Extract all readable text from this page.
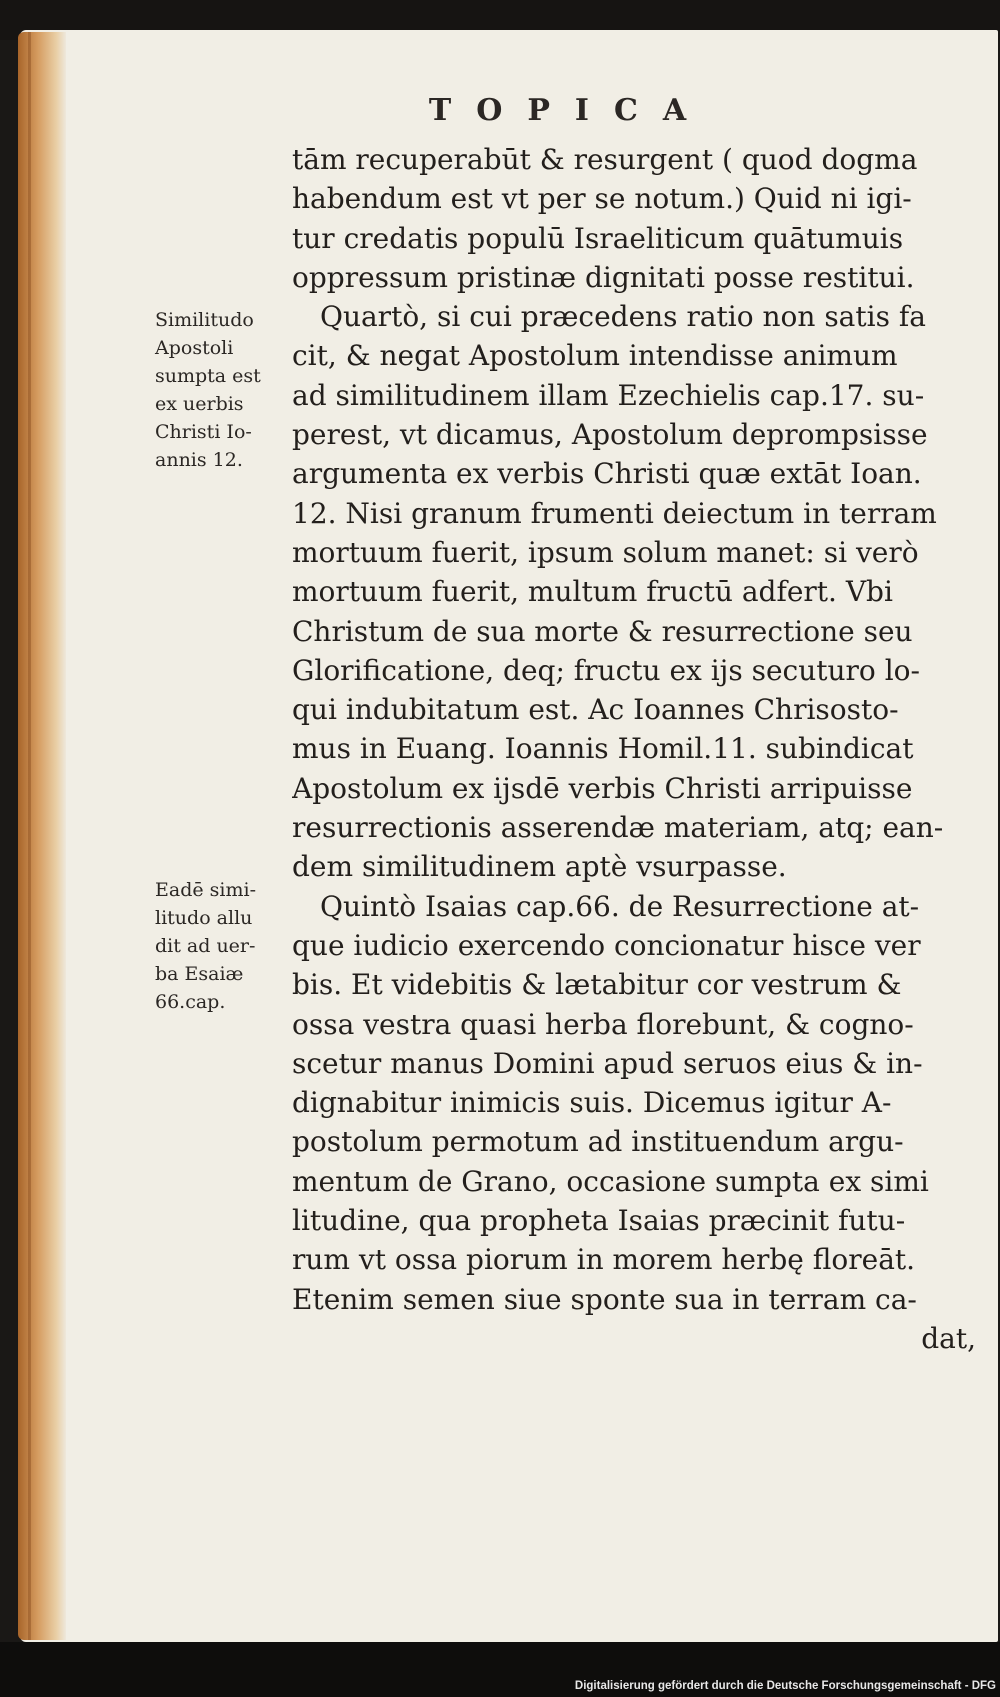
TOPICA
tām recuperabūt & resurgent ( quod dogma
habendum est vt per se notum.) Quid ni igi-
tur credatis populū Israeliticum quātumuis
oppressum pristinæ dignitati posse restitui.
Quartò, si cui præcedens ratio non satis fa
cit, & negat Apostolum intendisse animum
ad similitudinem illam Ezechielis cap.17. su-
perest, vt dicamus, Apostolum deprompsisse
argumenta ex verbis Christi quæ extāt Ioan.
12. Nisi granum frumenti deiectum in terram
mortuum fuerit, ipsum solum manet: si verò
mortuum fuerit, multum fructū adfert. Vbi
Christum de sua morte & resurrectione seu
Glorificatione, deq; fructu ex ijs secuturo lo-
qui indubitatum est. Ac Ioannes Chrisosto-
mus in Euang. Ioannis Homil.11. subindicat
Apostolum ex ijsdē verbis Christi arripuisse
resurrectionis asserendæ materiam, atq; ean-
dem similitudinem aptè vsurpasse.
Quintò Isaias cap.66. de Resurrectione at-
que iudicio exercendo concionatur hisce ver
bis. Et videbitis & lætabitur cor vestrum &
ossa vestra quasi herba florebunt, & cogno-
scetur manus Domini apud seruos eius & in-
dignabitur inimicis suis. Dicemus igitur A-
postolum permotum ad instituendum argu-
mentum de Grano, occasione sumpta ex simi
litudine, qua propheta Isaias præcinit futu-
rum vt ossa piorum in morem herbę floreāt.
Etenim semen siue sponte sua in terram ca-
dat,
Similitudo
Apostoli
sumpta est
ex uerbis
Christi Io-
annis 12.
Eadē simi-
litudo allu
dit ad uer-
ba Esaiæ
66.cap.
Digitalisierung gefördert durch die Deutsche Forschungsgemeinschaft - DFG
